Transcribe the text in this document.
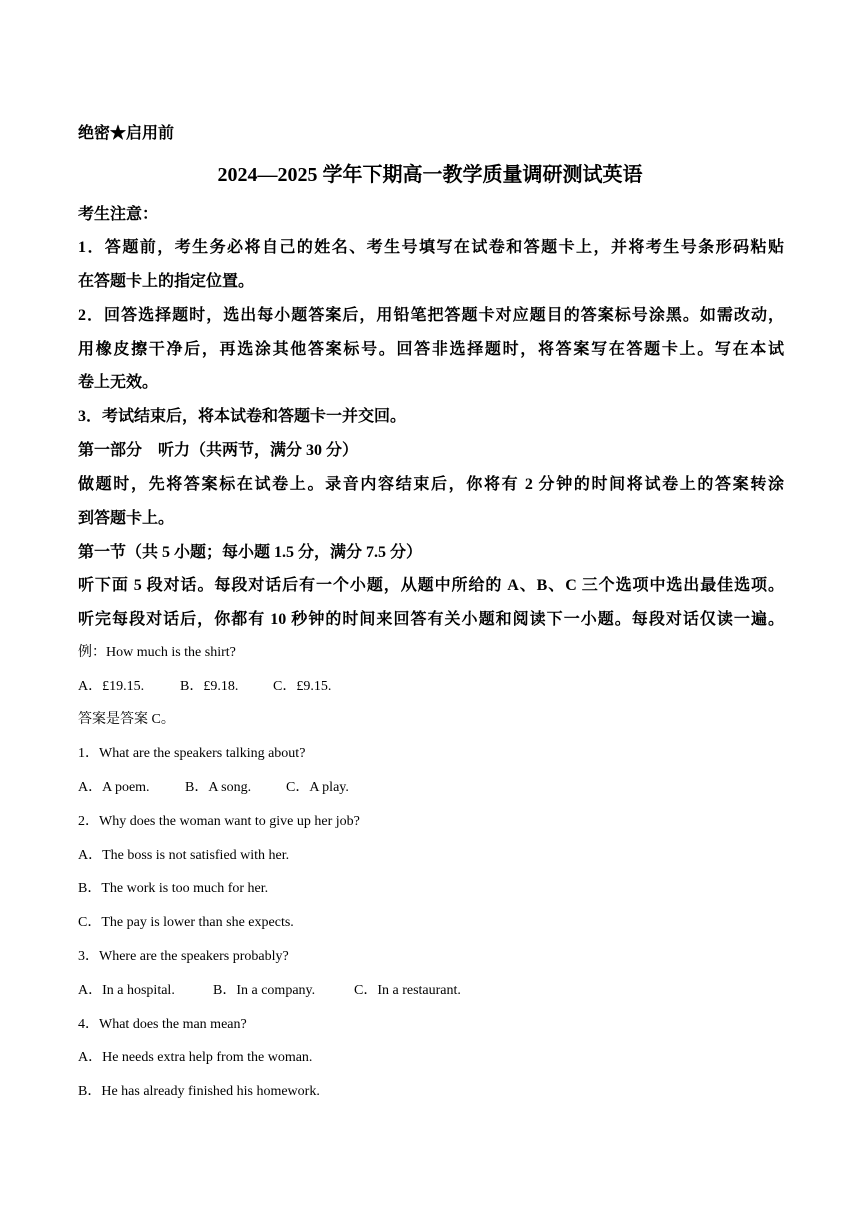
绝密★启用前
2024—2025 学年下期高一教学质量调研测试英语
考生注意：
1．答题前，考生务必将自己的姓名、考生号填写在试卷和答题卡上，并将考生号条形码粘贴
在答题卡上的指定位置。
2．回答选择题时，选出每小题答案后，用铅笔把答题卡对应题目的答案标号涂黑。如需改动，
用橡皮擦干净后，再选涂其他答案标号。回答非选择题时，将答案写在答题卡上。写在本试
卷上无效。
3．考试结束后，将本试卷和答题卡一并交回。
第一部分　听力（共两节，满分 30 分）
做题时，先将答案标在试卷上。录音内容结束后，你将有 2 分钟的时间将试卷上的答案转涂
到答题卡上。
第一节（共 5 小题；每小题 1.5 分，满分 7.5 分）
听下面 5 段对话。每段对话后有一个小题，从题中所给的 A、B、C 三个选项中选出最佳选项。
听完每段对话后，你都有 10 秒钟的时间来回答有关小题和阅读下一小题。每段对话仅读一遍。
例：How much is the shirt?
A．£19.15.	B．£9.18. C．£9.15.
答案是答案 C。
1．What are the speakers talking about?
A．A poem.	B．A song. C．A play.
2．Why does the woman want to give up her job?
A．The boss is not satisfied with her.
B．The work is too much for her.
C．The pay is lower than she expects.
3．Where are the speakers probably?
A．In a hospital.	B．In a company.	C．In a restaurant.
4．What does the man mean?
A．He needs extra help from the woman.
B．He has already finished his homework.
